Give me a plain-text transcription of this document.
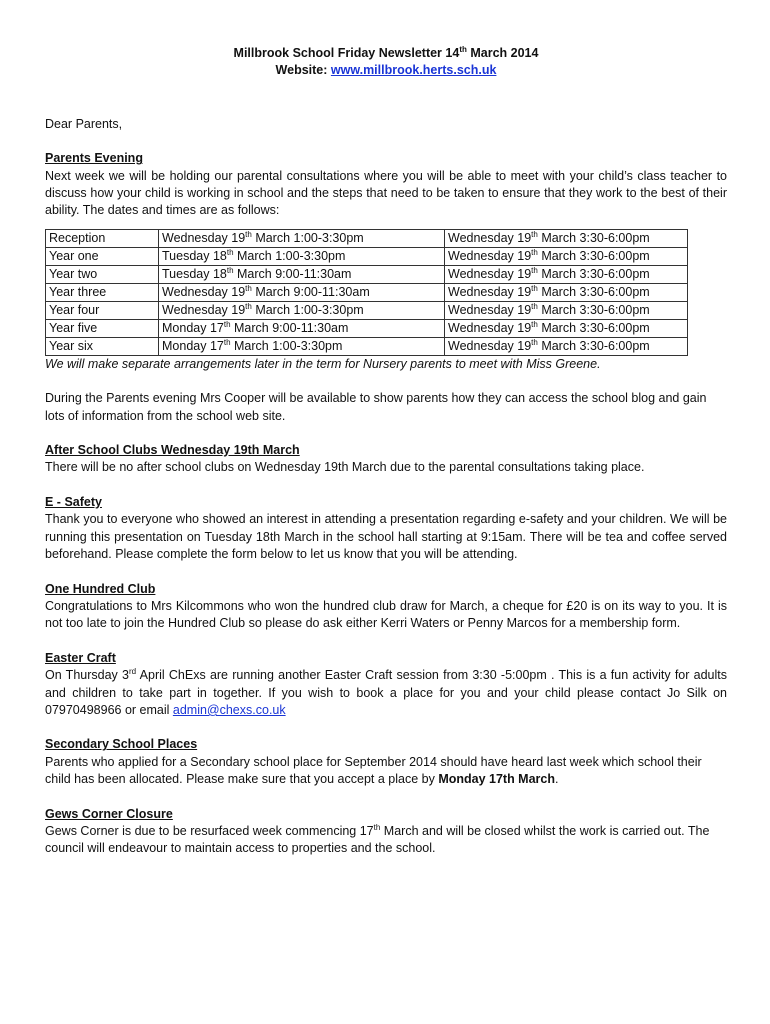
Millbrook School Friday Newsletter 14th March 2014

Website: www.millbrook.herts.sch.uk

Dear Parents,

Parents Evening

Next week we will be holding our parental consultations where you will be able to meet with your child’s class teacher to discuss how your child is working in school and the steps that need to be taken to ensure that they work to the best of their ability. The dates and times are as follows:

Reception	Wednesday 19th March 1:00-3:30pm	Wednesday 19th March 3:30-6:00pm
Year one	Tuesday 18th March 1:00-3:30pm	Wednesday 19th March 3:30-6:00pm
Year two	Tuesday 18th March 9:00-11:30am	Wednesday 19th March 3:30-6:00pm
Year three	Wednesday 19th March 9:00-11:30am	Wednesday 19th March 3:30-6:00pm
Year four	Wednesday 19th March 1:00-3:30pm	Wednesday 19th March 3:30-6:00pm
Year five	Monday 17th March 9:00-11:30am	Wednesday 19th March 3:30-6:00pm
Year six	Monday 17th March 1:00-3:30pm	Wednesday 19th March 3:30-6:00pm

We will make separate arrangements later in the term for Nursery parents to meet with Miss Greene.

During the Parents evening Mrs Cooper will be available to show parents how they can access the school blog and gain lots of information from the school web site.

After School Clubs Wednesday 19th March

There will be no after school clubs on Wednesday 19th March due to the parental consultations taking place.

E - Safety

Thank you to everyone who showed an interest in attending a presentation regarding e-safety and your children. We will be running this presentation on Tuesday 18th March in the school hall starting at 9:15am. There will be tea and coffee served beforehand. Please complete the form below to let us know that you will be attending.

One Hundred Club

Congratulations to Mrs Kilcommons who won the hundred club draw for March, a cheque for £20 is on its way to you. It is not too late to join the Hundred Club so please do ask either Kerri Waters or Penny Marcos for a membership form.

Easter Craft

On Thursday 3rd April ChExs are running another Easter Craft session from 3:30 -5:00pm . This is a fun activity for adults and children to take part in together. If you wish to book a place for you and your child please contact Jo Silk on 07970498966 or email admin@chexs.co.uk

Secondary School Places

Parents who applied for a Secondary school place for September 2014 should have heard last week which school their child has been allocated. Please make sure that you accept a place by Monday 17th March.

Gews Corner Closure

Gews Corner is due to be resurfaced week commencing 17th March and will be closed whilst the work is carried out. The council will endeavour to maintain access to properties and the school.
